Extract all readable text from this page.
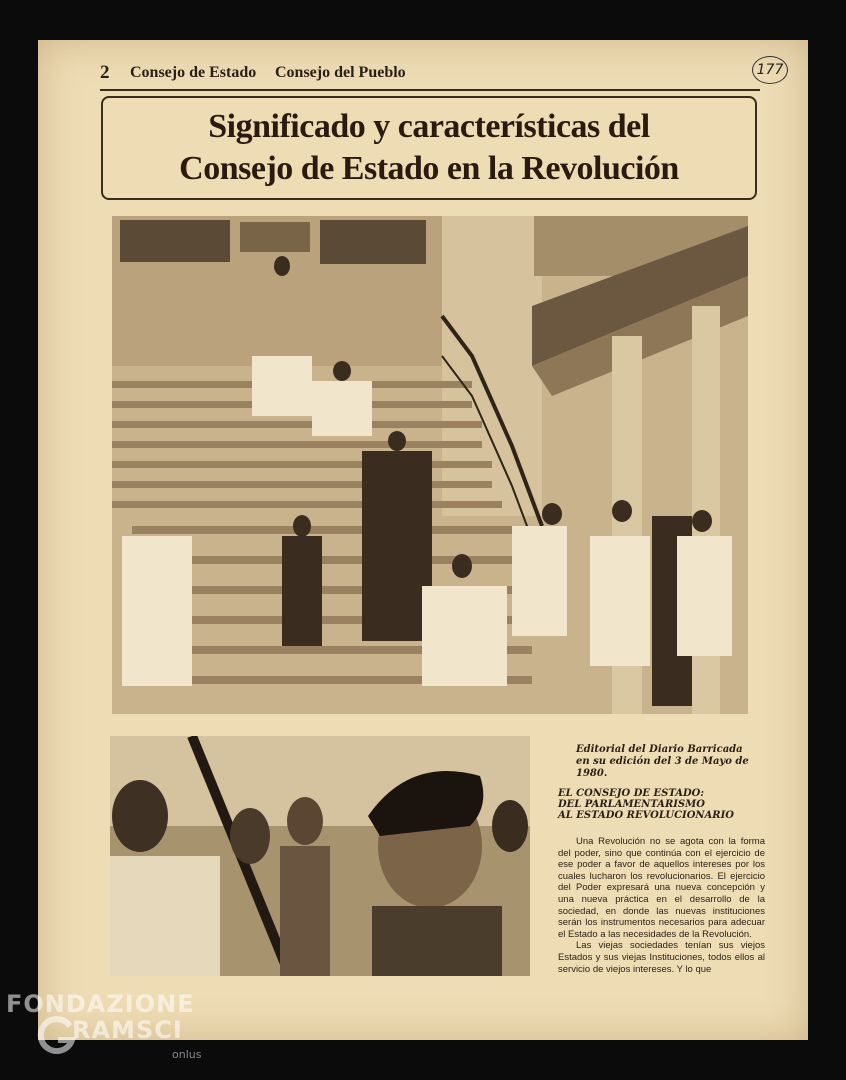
2 Consejo de Estado Consejo del Pueblo	177
Significado y características del Consejo de Estado en la Revolución
Editorial del Diario Barricada en su edición del 3 de Mayo de 1980.
EL CONSEJO DE ESTADO:
DEL PARLAMENTARISMO
AL ESTADO REVOLUCIONARIO

Una Revolución no se agota con la forma del poder, sino que continúa con el ejercicio de ese poder a favor de aquellos intereses por los cuales lucharon los revolucionarios. El ejercicio del Poder expresará una nueva concepción y una nueva práctica en el desarrollo de la sociedad, en donde las nuevas instituciones serán los instrumentos necesarios para adecuar el Estado a las necesidades de la Revolución.

Las viejas sociedades tenían sus viejos Estados y sus viejas Instituciones, todos ellos al servicio de viejos intereses. Y lo que

FONDAZIONE
RAMSCI
onlus
